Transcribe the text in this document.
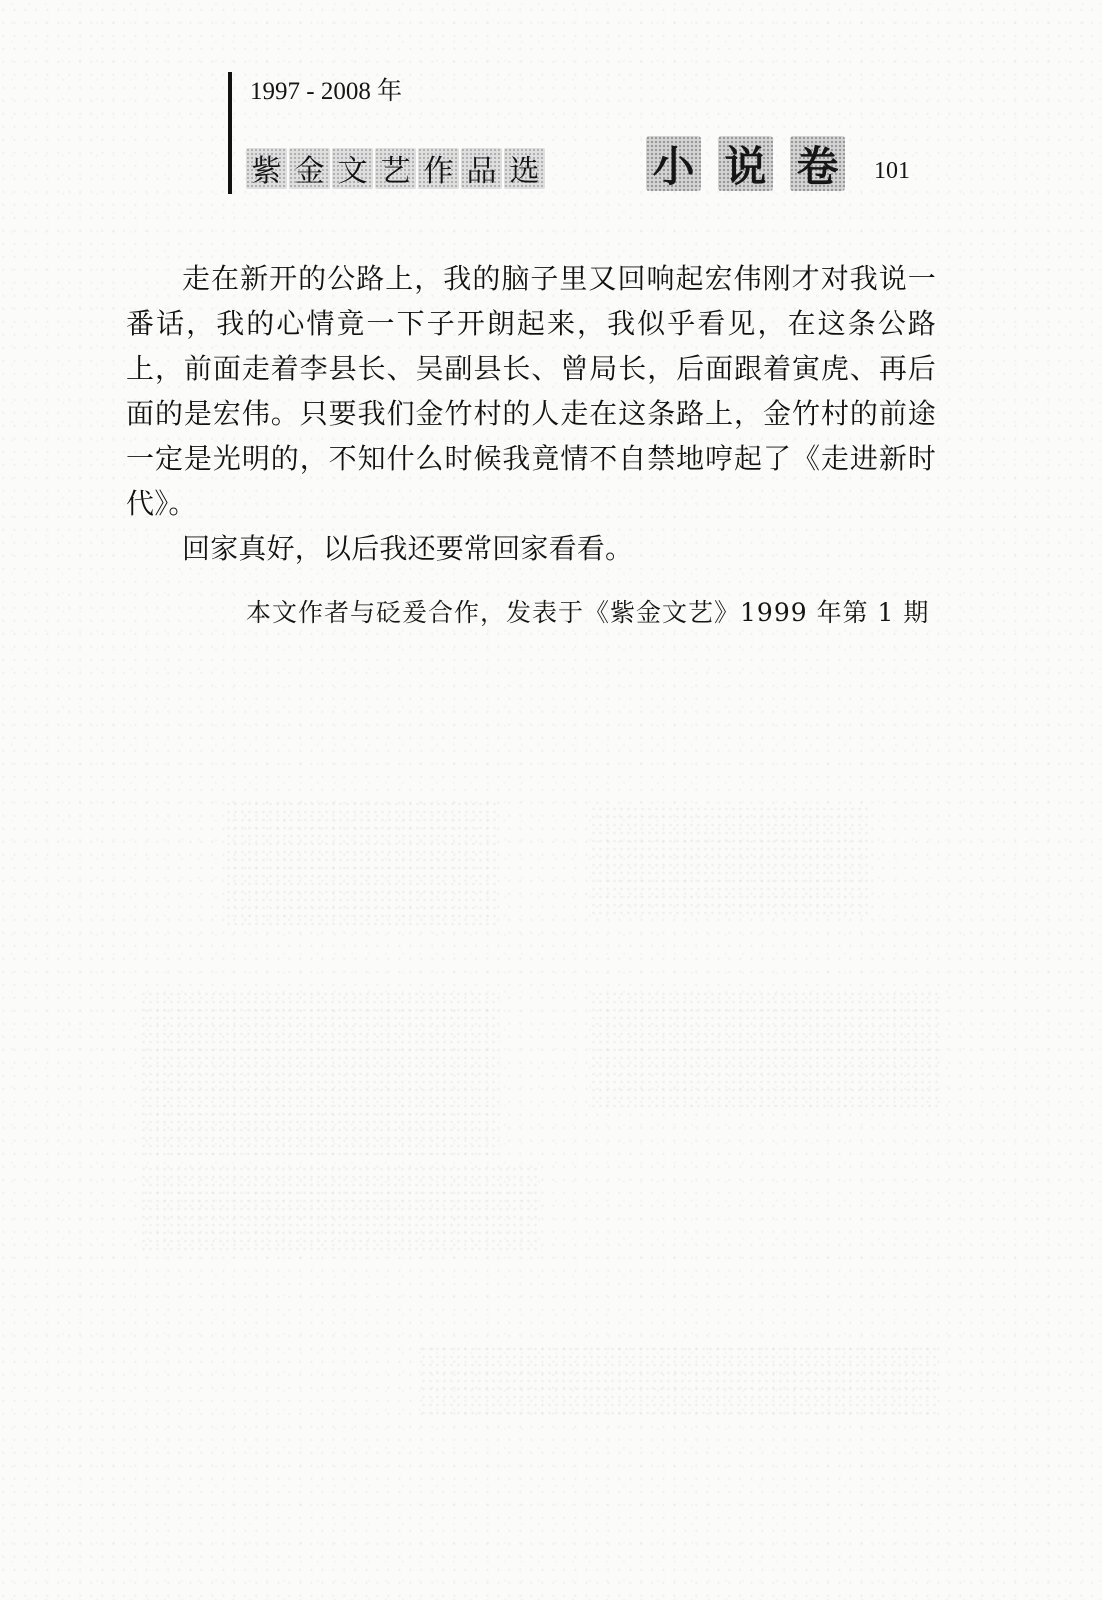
1997 - 2008 年
紫 金 文 艺 作 品 选	小 说 卷 101

走在新开的公路上，我的脑子里又回响起宏伟刚才对我说一番话，我的心情竟一下子开朗起来，我似乎看见，在这条公路上，前面走着李县长、吴副县长、曾局长，后面跟着寅虎、再后面的是宏伟。只要我们金竹村的人走在这条路上，金竹村的前途一定是光明的，不知什么时候我竟情不自禁地哼起了《走进新时代》。

回家真好，以后我还要常回家看看。

本文作者与砭爰合作，发表于《紫金文艺》1999 年第 1 期
